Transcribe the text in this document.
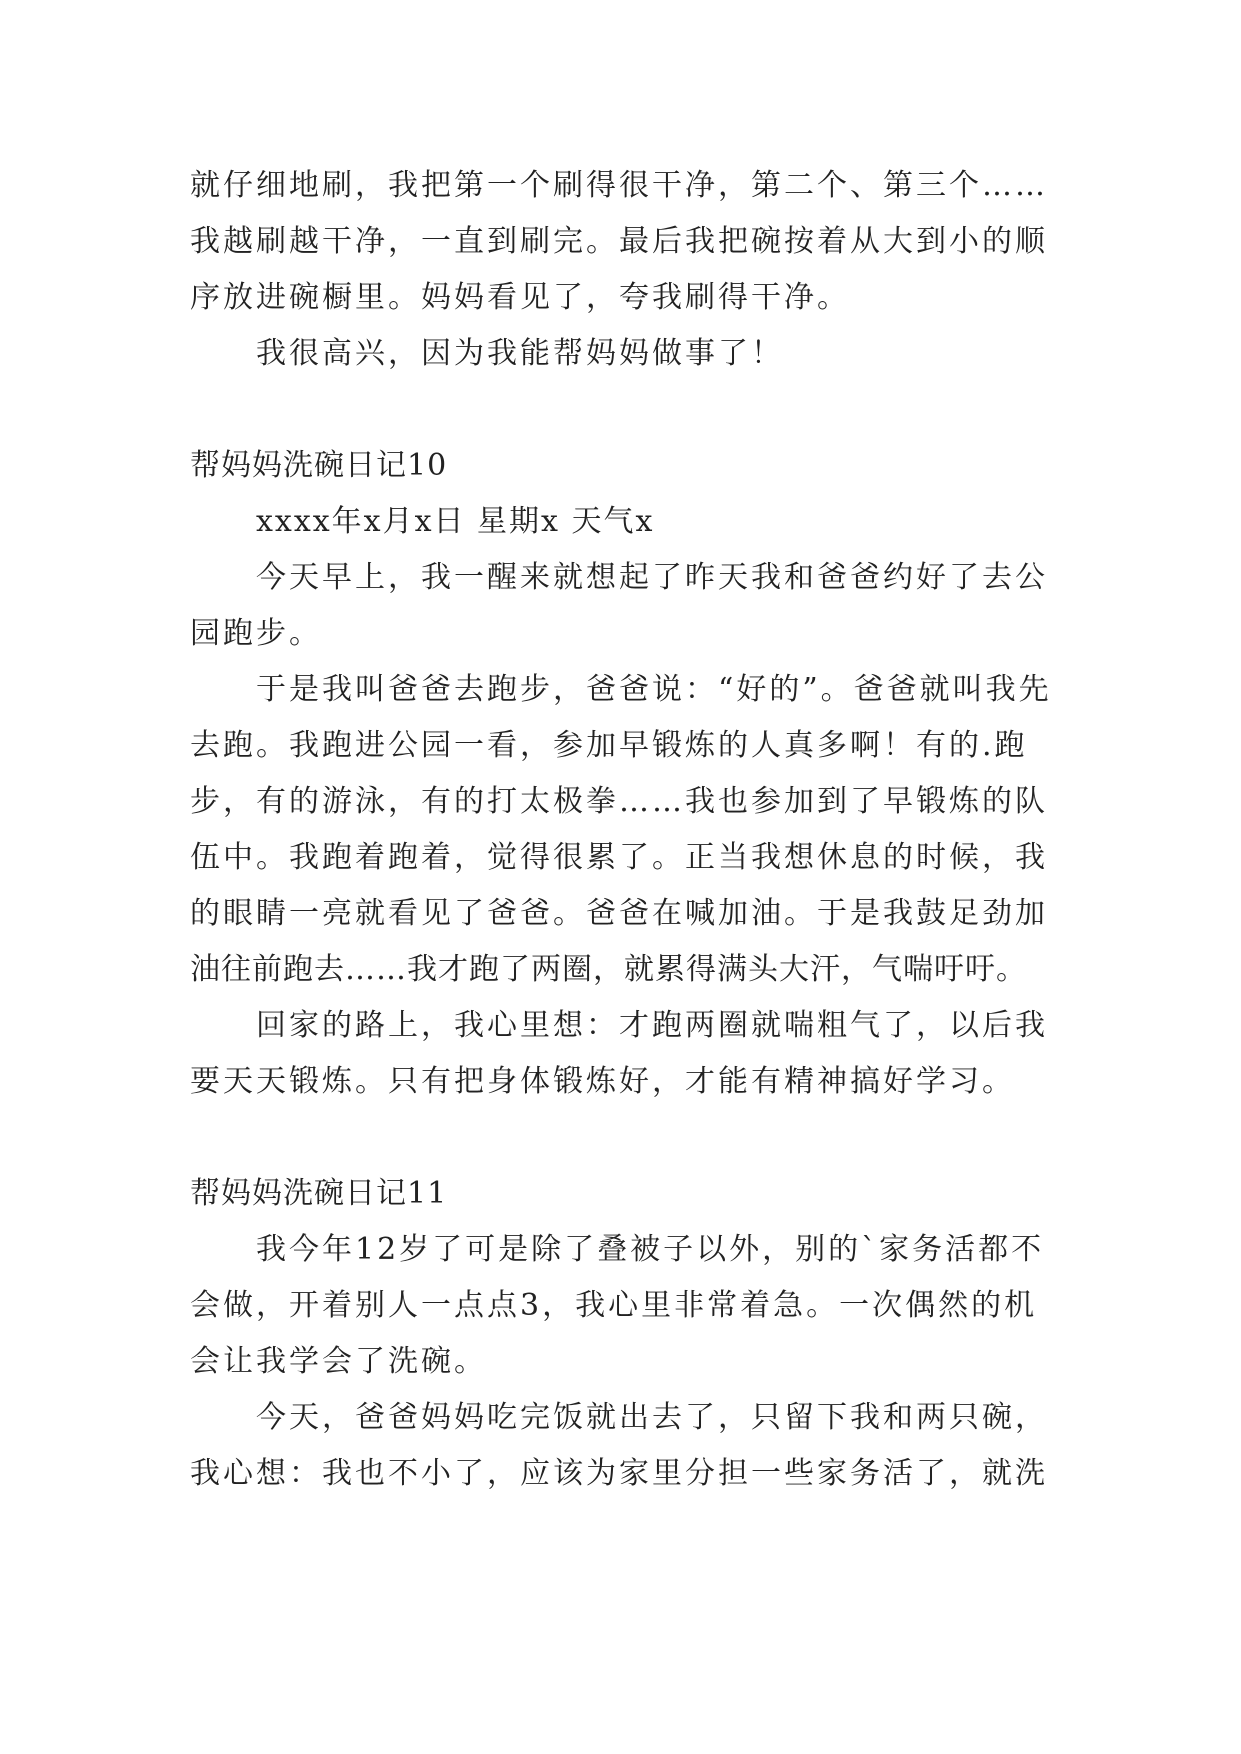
就仔细地刷，我把第一个刷得很干净，第二个、第三个……
我越刷越干净，一直到刷完。最后我把碗按着从大到小的顺
序放进碗橱里。妈妈看见了，夸我刷得干净。
我很高兴，因为我能帮妈妈做事了！
帮妈妈洗碗日记10
xxxx年x月x日 星期x 天气x
今天早上，我一醒来就想起了昨天我和爸爸约好了去公
园跑步。
于是我叫爸爸去跑步，爸爸说：“好的”。爸爸就叫我先
去跑。我跑进公园一看，参加早锻炼的人真多啊！有的.跑
步，有的游泳，有的打太极拳……我也参加到了早锻炼的队
伍中。我跑着跑着，觉得很累了。正当我想休息的时候，我
的眼睛一亮就看见了爸爸。爸爸在喊加油。于是我鼓足劲加
油往前跑去……我才跑了两圈，就累得满头大汗，气喘吁吁。
回家的路上，我心里想：才跑两圈就喘粗气了，以后我
要天天锻炼。只有把身体锻炼好，才能有精神搞好学习。
帮妈妈洗碗日记11
我今年12岁了可是除了叠被子以外，别的`家务活都不
会做，开着别人一点点3，我心里非常着急。一次偶然的机
会让我学会了洗碗。
今天，爸爸妈妈吃完饭就出去了，只留下我和两只碗，
我心想：我也不小了，应该为家里分担一些家务活了，就洗
